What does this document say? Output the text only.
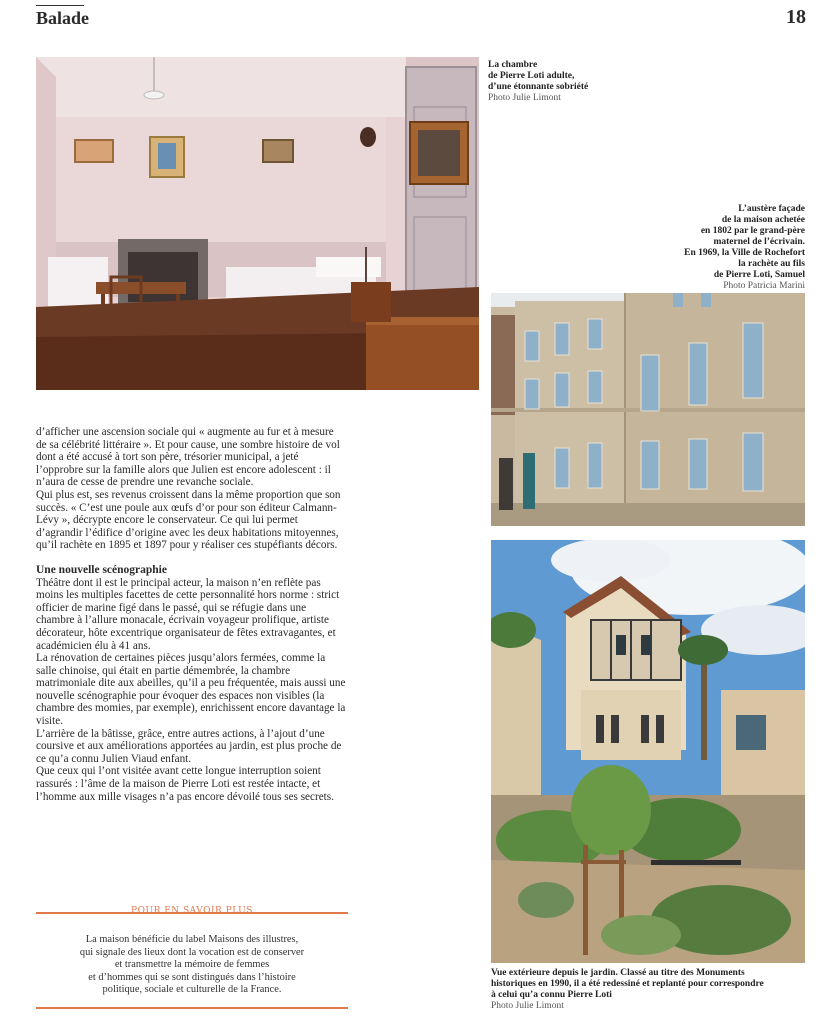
Balade	18
La chambre
de Pierre Loti adulte,
d’une étonnante sobriété
Photo Julie Limont
L’austère façade
de la maison achetée
en 1802 par le grand-père
maternel de l’écrivain.
En 1969, la Ville de Rochefort
la rachète au fils
de Pierre Loti, Samuel
Photo Patricia Marini
Vue extérieure depuis le jardin. Classé au titre des Monuments
historiques en 1990, il a été redessiné et replanté pour correspondre
à celui qu’a connu Pierre Loti
Photo Julie Limont

d’afficher une ascension sociale qui « augmente au fur et à mesure de sa célébrité littéraire ». Et pour cause, une sombre histoire de vol dont a été accusé à tort son père, trésorier municipal, a jeté l’opprobre sur la famille alors que Julien est encore adolescent : il n’aura de cesse de prendre une revanche sociale.

Qui plus est, ses revenus croissent dans la même proportion que son succès. « C’est une poule aux œufs d’or pour son éditeur Calmann-Lévy », décrypte encore le conservateur. Ce qui lui permet d’agrandir l’édifice d’origine avec les deux habitations mitoyennes, qu’il rachète en 1895 et 1897 pour y réaliser ces stupéfiants décors.

Une nouvelle scénographie

Théâtre dont il est le principal acteur, la maison n’en reflète pas moins les multiples facettes de cette personnalité hors norme : strict officier de marine figé dans le passé, qui se réfugie dans une chambre à l’allure monacale, écrivain voyageur prolifique, artiste décorateur, hôte excentrique organisateur de fêtes extravagantes, et académicien élu à 41 ans.

La rénovation de certaines pièces jusqu’alors fermées, comme la salle chinoise, qui était en partie démembrée, la chambre matrimoniale dite aux abeilles, qu’il a peu fréquentée, mais aussi une nouvelle scénographie pour évoquer des espaces non visibles (la chambre des momies, par exemple), enrichissent encore davantage la visite.

L’arrière de la bâtisse, grâce, entre autres actions, à l’ajout d’une coursive et aux améliorations apportées au jardin, est plus proche de ce qu’a connu Julien Viaud enfant.

Que ceux qui l’ont visitée avant cette longue interruption soient rassurés : l’âme de la maison de Pierre Loti est restée intacte, et l’homme aux mille visages n’a pas encore dévoilé tous ses secrets.

POUR EN SAVOIR PLUS
La maison bénéficie du label Maisons des illustres,
qui signale des lieux dont la vocation est de conserver
et transmettre la mémoire de femmes
et d’hommes qui se sont distingués dans l’histoire
politique, sociale et culturelle de la France.
